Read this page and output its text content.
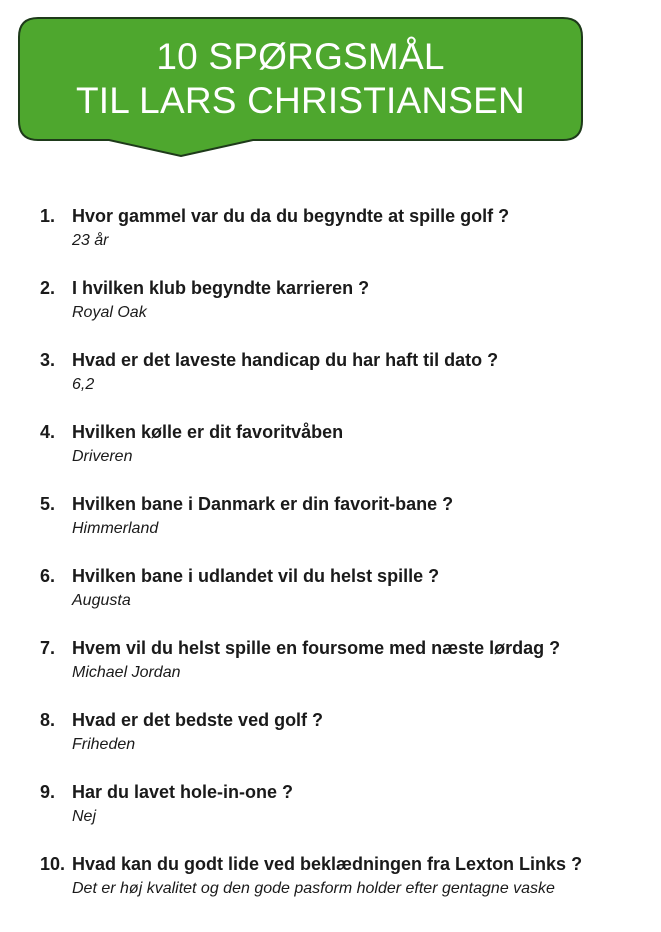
10 SPØRGSMÅL
TIL LARS CHRISTIANSEN
1. Hvor gammel var du da du begyndte at spille golf ?
23 år
2. I hvilken klub begyndte karrieren ?
Royal Oak
3. Hvad er det laveste handicap du har haft til dato ?
6,2
4. Hvilken kølle er dit favoritvåben
Driveren
5. Hvilken bane i Danmark er din favorit-bane ?
Himmerland
6. Hvilken bane i udlandet vil du helst spille ?
Augusta
7. Hvem vil du helst spille en foursome med næste lørdag ?
Michael Jordan
8. Hvad er det bedste ved golf ?
Friheden
9. Har du lavet hole-in-one ?
Nej
10. Hvad kan du godt lide ved beklædningen fra Lexton Links ?
Det er høj kvalitet og den gode pasform holder efter gentagne vaske
